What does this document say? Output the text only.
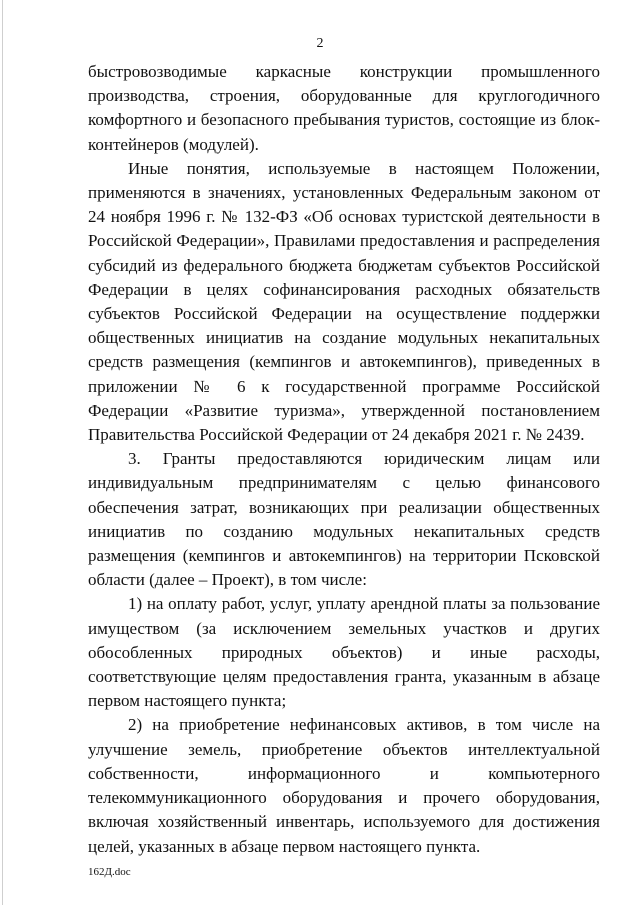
2

быстровозводимые каркасные конструкции промышленного производства, строения, оборудованные для круглогодичного комфортного и безопасного пребывания туристов, состоящие из блок-контейнеров (модулей).

Иные понятия, используемые в настоящем Положении, применяются в значениях, установленных Федеральным законом от 24 ноября 1996 г. № 132-ФЗ «Об основах туристской деятельности в Российской Федерации», Правилами предоставления и распределения субсидий из федерального бюджета бюджетам субъектов Российской Федерации в целях софинансирования расходных обязательств субъектов Российской Федерации на осуществление поддержки общественных инициатив на создание модульных некапитальных средств размещения (кемпингов и автокемпингов), приведенных в приложении № 6 к государственной программе Российской Федерации «Развитие туризма», утвержденной постановлением Правительства Российской Федерации от 24 декабря 2021 г. № 2439.

3. Гранты предоставляются юридическим лицам или индивидуальным предпринимателям с целью финансового обеспечения затрат, возникающих при реализации общественных инициатив по созданию модульных некапитальных средств размещения (кемпингов и автокемпингов) на территории Псковской области (далее – Проект), в том числе:

1) на оплату работ, услуг, уплату арендной платы за пользование имуществом (за исключением земельных участков и других обособленных природных объектов) и иные расходы, соответствующие целям предоставления гранта, указанным в абзаце первом настоящего пункта;

2) на приобретение нефинансовых активов, в том числе на улучшение земель, приобретение объектов интеллектуальной собственности, информационного и компьютерного телекоммуникационного оборудования и прочего оборудования, включая хозяйственный инвентарь, используемого для достижения целей, указанных в абзаце первом настоящего пункта.

162Д.doc
